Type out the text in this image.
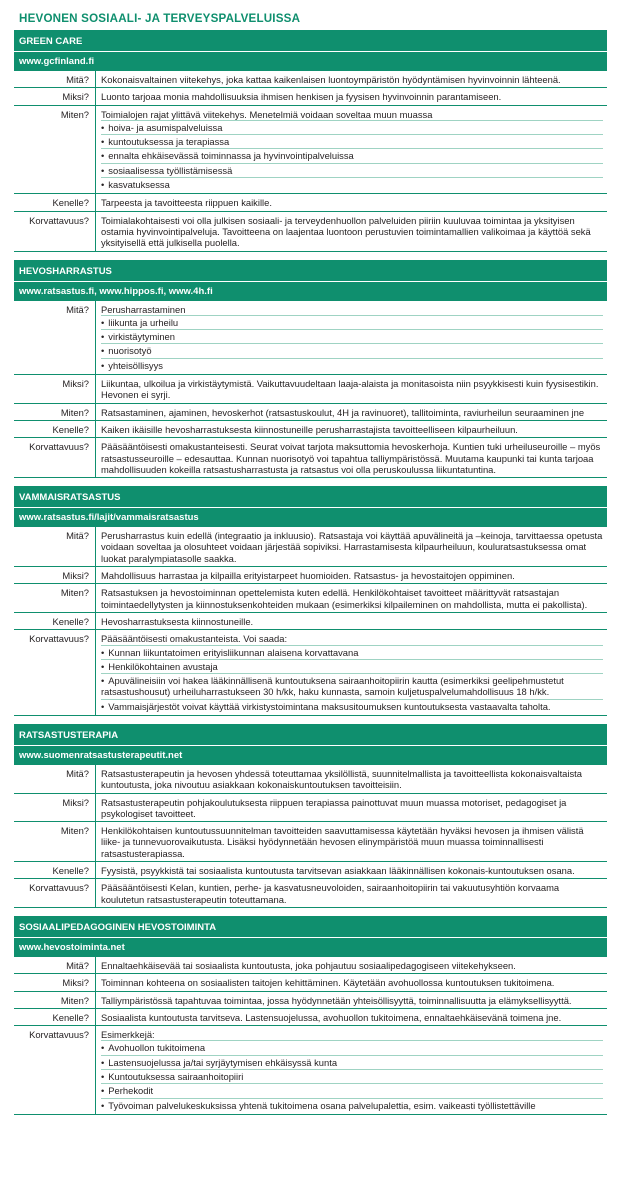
HEVONEN SOSIAALI- JA TERVEYSPALVELUISSA
GREEN CARE
www.gcfinland.fi
Mitä?	Kokonaisvaltainen viitekehys, joka kattaa kaikenlaisen luontoympäristön hyödyntämisen hyvinvoinnin lähteenä.
Miksi?	Luonto tarjoaa monia mahdollisuuksia ihmisen henkisen ja fyysisen hyvinvoinnin parantamiseen.
Miten?	Toimialojen rajat ylittävä viitekehys. Menetelmiä voidaan soveltaa muun muassa
• hoiva- ja asumispalveluissa
• kuntoutuksessa ja terapiassa
• ennalta ehkäisevässä toiminnassa ja hyvinvointipalveluissa
• sosiaalisessa työllistämisessä
• kasvatuksessa
Kenelle?	Tarpeesta ja tavoitteesta riippuen kaikille.
Korvattavuus?	Toimialakohtaisesti voi olla julkisen sosiaali- ja terveydenhuollon palveluiden piiriin kuuluvaa toimintaa ja yksityisen ostamia hyvinvointipalveluja. Tavoitteena on laajentaa luontoon perustuvien toimintamallien valikoimaa ja käyttöä sekä yksityisellä että julkisella puolella.
HEVOSHARRASTUS
www.ratsastus.fi, www.hippos.fi, www.4h.fi
Mitä?	Perusharrastaminen
• liikunta ja urheilu
• virkistäytyminen
• nuorisotyö
• yhteisöllisyys
Miksi?	Liikuntaa, ulkoilua ja virkistäytymistä. Vaikuttavuudeltaan laaja-alaista ja monitasoista niin psyykkisesti kuin fyysisestikin. Hevonen ei syrji.
Miten?	Ratsastaminen, ajaminen, hevoskerhot (ratsastuskoulut, 4H ja ravinuoret), tallitoiminta, raviurheilun seuraaminen jne
Kenelle?	Kaiken ikäisille hevosharrastuksesta kiinnostuneille perusharrastajista tavoitteelliseen kilpaurheiluun.
Korvattavuus?	Pääsääntöisesti omakustanteisesti. Seurat voivat tarjota maksuttomia hevoskerhoja. Kuntien tuki urheiluseuroille – myös ratsastusseuroille – edesauttaa. Kunnan nuorisotyö voi tapahtua talliympäristössä. Muutama kaupunki tai kunta tarjoaa mahdollisuuden kokeilla ratsastusharrastusta ja ratsastus voi olla peruskoulussa liikuntatuntina.
VAMMAISRATSASTUS
www.ratsastus.fi/lajit/vammaisratsastus
Mitä?	Perusharrastus kuin edellä (integraatio ja inkluusio). Ratsastaja voi käyttää apuvälineitä ja –keinoja, tarvittaessa opetusta voidaan soveltaa ja olosuhteet voidaan järjestää sopiviksi. Harrastamisesta kilpaurheiluun, kouluratsastuksessa omat luokat paralympiatasolle saakka.
Miksi?	Mahdollisuus harrastaa ja kilpailla erityistarpeet huomioiden. Ratsastus- ja hevostaitojen oppiminen.
Miten?	Ratsastuksen ja hevostoiminnan opettelemista kuten edellä. Henkilökohtaiset tavoitteet määrittyvät ratsastajan toimintaedellytysten ja kiinnostuksenkohteiden mukaan (esimerkiksi kilpaileminen on mahdollista, mutta ei pakollista).
Kenelle?	Hevosharrastuksesta kiinnostuneille.
Korvattavuus?	Pääsääntöisesti omakustanteista. Voi saada:
• Kunnan liikuntatoimen erityisliikunnan alaisena korvattavana
• Henkilökohtainen avustaja
• Apuvälineisiin voi hakea lääkinnällisenä kuntoutuksena sairaanhoitopiirin kautta (esimerkiksi geelipehmustetut ratsastushousut) urheiluharrastukseen 30 h/kk, haku kunnasta, samoin kuljetuspalvelumahdollisuus 18 h/kk.
• Vammaisjärjestöt voivat käyttää virkistystoimintana maksusitoumuksen kuntoutuksesta vastaavalta taholta.
RATSASTUSTERAPIA
www.suomenratsastusterapeutit.net
Mitä?	Ratsastusterapeutin ja hevosen yhdessä toteuttamaa yksilöllistä, suunnitelmallista ja tavoitteellista kokonaisvaltaista kuntoutusta, joka nivoutuu asiakkaan kokonaiskuntoutuksen tavoitteisiin.
Miksi?	Ratsastusterapeutin pohjakoulutuksesta riippuen terapiassa painottuvat muun muassa motoriset, pedagogiset ja psykologiset tavoitteet.
Miten?	Henkilökohtaisen kuntoutussuunnitelman tavoitteiden saavuttamisessa käytetään hyväksi hevosen ja ihmisen välistä liike- ja tunnevuorovaikutusta. Lisäksi hyödynnetään hevosen elinympäristöä muun muassa toiminnallisesti ratsastusterapiassa.
Kenelle?	Fyysistä, psyykkistä tai sosiaalista kuntoutusta tarvitsevan asiakkaan lääkinnällisen kokonais-kuntoutuksen osana.
Korvattavuus?	Pääsääntöisesti Kelan, kuntien, perhe- ja kasvatusneuvoloiden, sairaanhoitopiirin tai vakuutusyhtiön korvaama koulutetun ratsastusterapeutin toteuttamana.
SOSIAALIPEDAGOGINEN HEVOSTOIMINTA
www.hevostoiminta.net
Mitä?	Ennaltaehkäisevää tai sosiaalista kuntoutusta, joka pohjautuu sosiaalipedagogiseen viitekehykseen.
Miksi?	Toiminnan kohteena on sosiaalisten taitojen kehittäminen. Käytetään avohuollossa kuntoutuksen tukitoimena.
Miten?	Talliympäristössä tapahtuvaa toimintaa, jossa hyödynnetään yhteisöllisyyttä, toiminnallisuutta ja elämyksellisyyttä.
Kenelle?	Sosiaalista kuntoutusta tarvitseva. Lastensuojelussa, avohuollon tukitoimena, ennaltaehkäisevänä toimena jne.
Korvattavuus?	Esimerkkejä:
• Avohuollon tukitoimena
• Lastensuojelussa ja/tai syrjäytymisen ehkäisyssä kunta
• Kuntoutuksessa sairaanhoitopiiri
• Perhekodit
• Työvoiman palvelukeskuksissa yhtenä tukitoimena osana palvelupalettia, esim. vaikeasti työllistettäville
